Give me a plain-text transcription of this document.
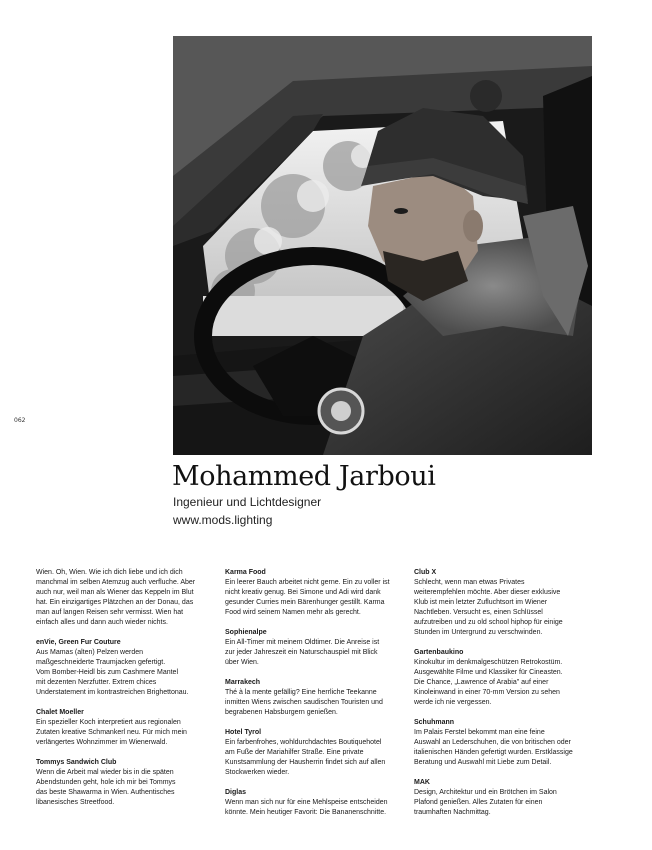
062
Mohammed Jarboui
Ingenieur und Lichtdesigner
www.mods.lighting

Wien. Oh, Wien. Wie ich dich liebe und ich dich
manchmal im selben Atemzug auch verfluche. Aber
auch nur, weil man als Wiener das Keppeln im Blut
hat. Ein einzigartiges Plätzchen an der Donau, das
man auf langen Reisen sehr vermisst. Wien hat
einfach alles und dann auch wieder nichts.

enVie, Green Fur Couture

Aus Mamas (alten) Pelzen werden
maßgeschneiderte Traumjacken gefertigt.
Vom Bomber-Heidl bis zum Cashmere Mantel
mit dezenten Nerzfutter. Extrem chices
Understatement im kontrastreichen Brighettonau.

Chalet Moeller

Ein spezieller Koch interpretiert aus regionalen
Zutaten kreative Schmankerl neu. Für mich mein
verlängertes Wohnzimmer im Wienerwald.

Tommys Sandwich Club

Wenn die Arbeit mal wieder bis in die späten
Abendstunden geht, hole ich mir bei Tommys
das beste Shawarma in Wien. Authentisches
libanesisches Streetfood.

Karma Food

Ein leerer Bauch arbeitet nicht gerne. Ein zu voller ist
nicht kreativ genug. Bei Simone und Adi wird dank
gesunder Curries mein Bärenhunger gestillt. Karma
Food wird seinem Namen mehr als gerecht.

Sophienalpe

Ein All-Timer mit meinem Oldtimer. Die Anreise ist
zur jeder Jahreszeit ein Naturschauspiel mit Blick
über Wien.

Marrakech

Thé à la mente gefällig? Eine herrliche Teekanne
inmitten Wiens zwischen saudischen Touristen und
begrabenen Habsburgern genießen.

Hotel Tyrol

Ein farbenfrohes, wohldurchdachtes Boutiquehotel
am Fuße der Mariahilfer Straße. Eine private
Kunstsammlung der Hausherrin findet sich auf allen
Stockwerken wieder.

Diglas

Wenn man sich nur für eine Mehlspeise entscheiden
könnte. Mein heutiger Favorit: Die Bananenschnitte.

Club X

Schlecht, wenn man etwas Privates
weiterempfehlen möchte. Aber dieser exklusive
Klub ist mein letzter Zufluchtsort im Wiener
Nachtleben. Versucht es, einen Schlüssel
aufzutreiben und zu old school hiphop für einige
Stunden im Untergrund zu verschwinden.

Gartenbaukino

Kinokultur im denkmalgeschützen Retrokostüm.
Ausgewählte Filme und Klassiker für Cineasten.
Die Chance, „Lawrence of Arabia" auf einer
Kinoleinwand in einer 70-mm Version zu sehen
werde ich nie vergessen.

Schuhmann

Im Palais Ferstel bekommt man eine feine
Auswahl an Lederschuhen, die von britischen oder
italienischen Händen gefertigt wurden. Erstklassige
Beratung und Auswahl mit Liebe zum Detail.

MAK

Design, Architektur und ein Brötchen im Salon
Plafond genießen. Alles Zutaten für einen
traumhaften Nachmittag.
